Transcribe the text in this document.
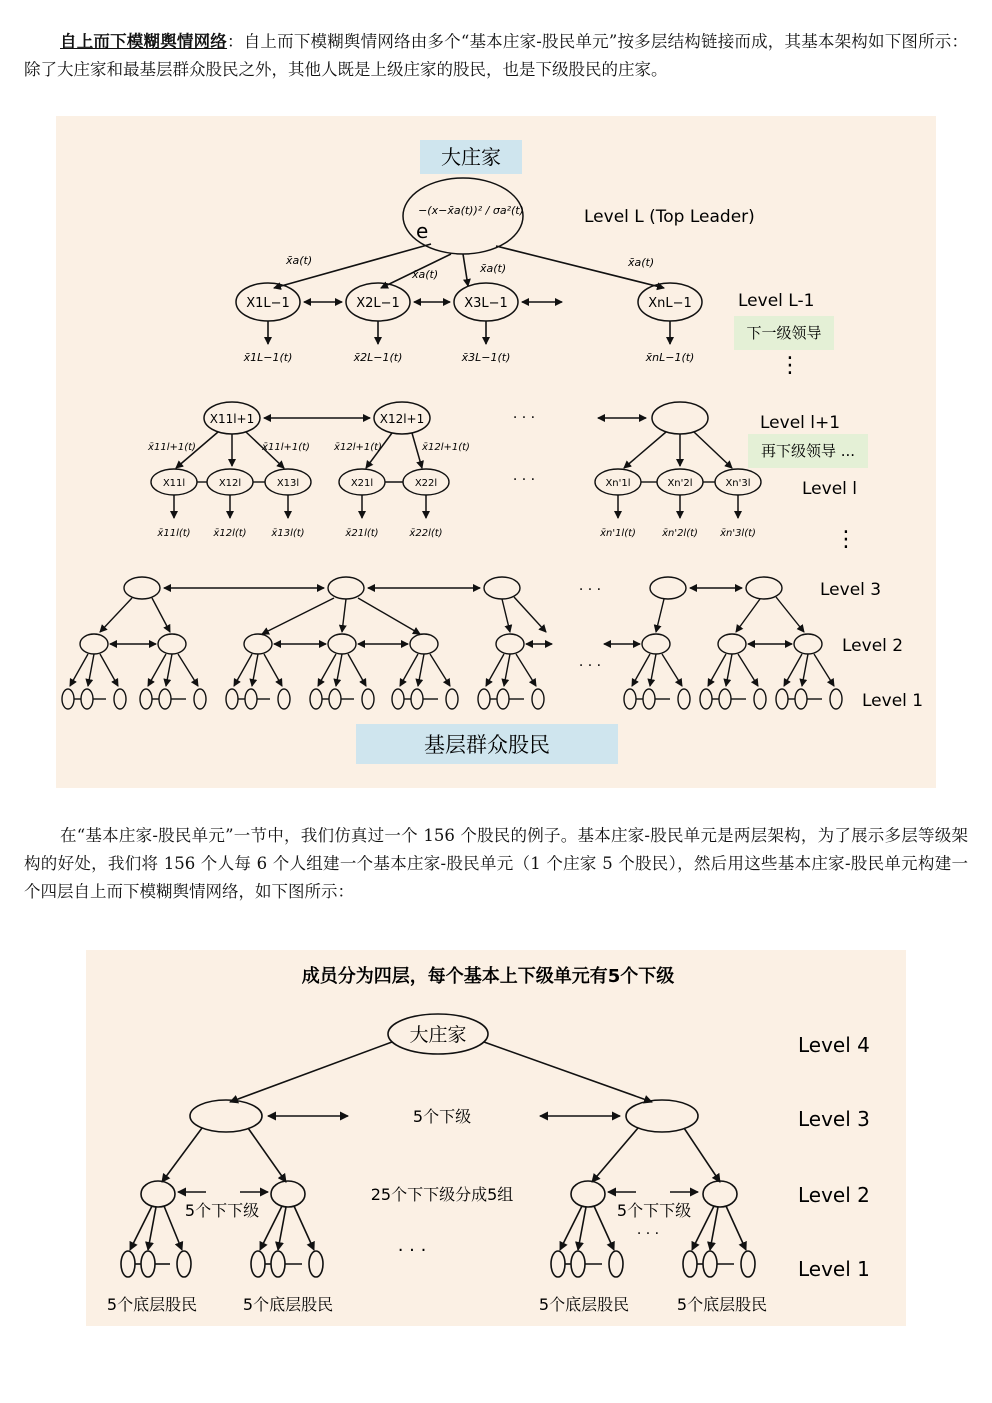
自上而下模糊舆情网络：自上而下模糊舆情网络由多个“基本庄家-股民单元”按多层结构链接而成，其基本架构如下图所示：除了大庄家和最基层群众股民之外，其他人既是上级庄家的股民，也是下级股民的庄家。

大庄家
e
−(x−x̄a(t))² / σa²(t)	Level L (Top Leader)
x̄a(t)
x̄a(t)	x̄a(t)	x̄a(t)
X1L−1	X2L−1	X3L−1	XnL−1
x̄1L−1(t)	x̄2L−1(t)	x̄3L−1(t)	x̄nL−1(t)
Level L-1
下一级领导
⋮
X11l+1	X12l+1	· · ·
x̄11l+1(t)	x̄11l+1(t) x̄12l+1(t)	x̄12l+1(t)
Level l+1
再下级领导 ...
X11l	X12l	X13l	X21l	X22l	Xn'1l	Xn'2l	Xn'3l
x̄11l(t) x̄12l(t) x̄13l(t)	x̄21l(t)	x̄22l(t)	x̄n'1l(t)	x̄n'2l(t) x̄n'3l(t)
· · ·	Level l
⋮
· · ·
· · ·
Level 3
Level 2
Level 1
基层群众股民

在“基本庄家-股民单元”一节中，我们仿真过一个 156 个股民的例子。基本庄家-股民单元是两层架构，为了展示多层等级架构的好处，我们将 156 个人每 6 个人组建一个基本庄家-股民单元（1 个庄家 5 个股民），然后用这些基本庄家-股民单元构建一个四层自上而下模糊舆情网络，如下图所示：

成员分为四层，每个基本上下级单元有5个下级
大庄家
5个下级
25个下下级分成5组
5个下下级	5个下下级
· · ·
· · ·
5个底层股民	5个底层股民	5个底层股民	5个底层股民
Level 4
Level 3
Level 2
Level 1
